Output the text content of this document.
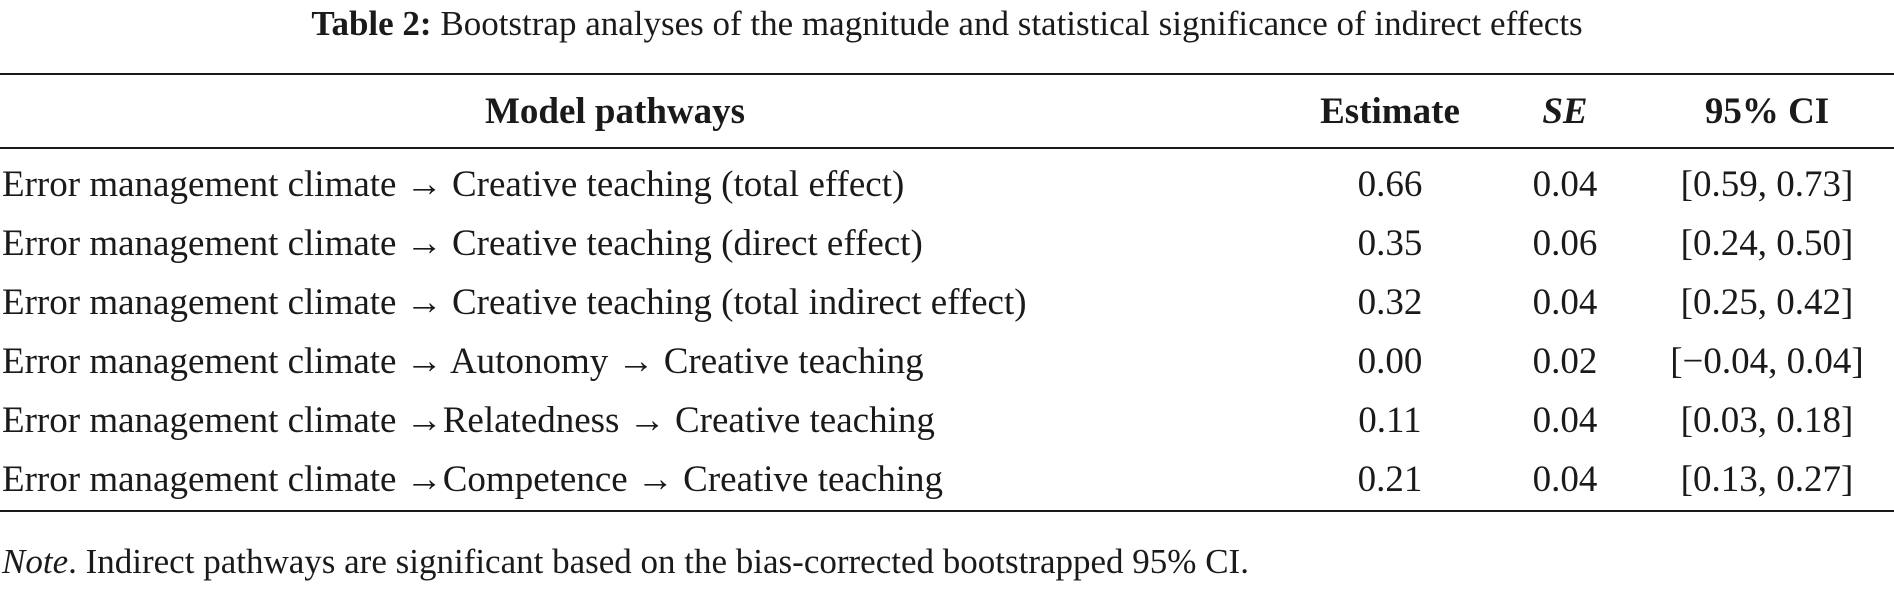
Table 2: Bootstrap analyses of the magnitude and statistical significance of indirect effects
Model pathways	Estimate	SE	95% CI
Error management climate → Creative teaching (total effect)	0.66	0.04	[0.59, 0.73]
Error management climate → Creative teaching (direct effect)	0.35	0.06	[0.24, 0.50]
Error management climate → Creative teaching (total indirect effect)	0.32	0.04	[0.25, 0.42]
Error management climate → Autonomy → Creative teaching	0.00	0.02	[−0.04, 0.04]
Error management climate →Relatedness → Creative teaching	0.11	0.04	[0.03, 0.18]
Error management climate →Competence → Creative teaching	0.21	0.04	[0.13, 0.27]
Note. Indirect pathways are significant based on the bias-corrected bootstrapped 95% CI.
